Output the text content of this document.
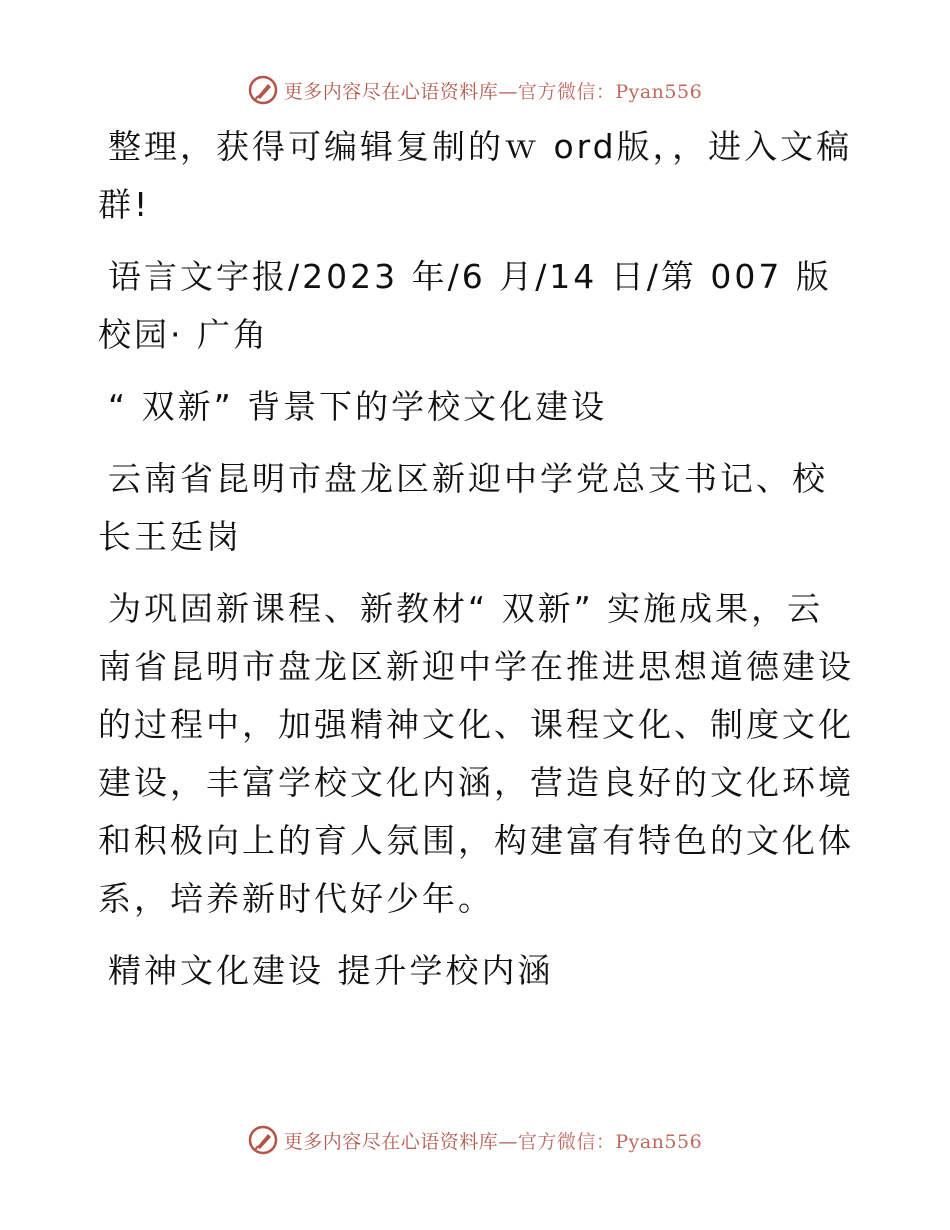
更多内容尽在心语资料库—官方微信：Pyan556

整理，获得可编辑复制的ｗ ord版，，进入文稿群!

语言文字报/2023 年/6 月/14 日/第 007 版校园· 广角

“ 双新” 背景下的学校文化建设

云南省昆明市盘龙区新迎中学党总支书记、校长王廷岗

为巩固新课程、新教材“ 双新” 实施成果，云南省昆明市盘龙区新迎中学在推进思想道德建设的过程中，加强精神文化、课程文化、制度文化建设，丰富学校文化内涵，营造良好的文化环境和积极向上的育人氛围，构建富有特色的文化体系，培养新时代好少年。

精神文化建设 提升学校内涵

更多内容尽在心语资料库—官方微信：Pyan556
